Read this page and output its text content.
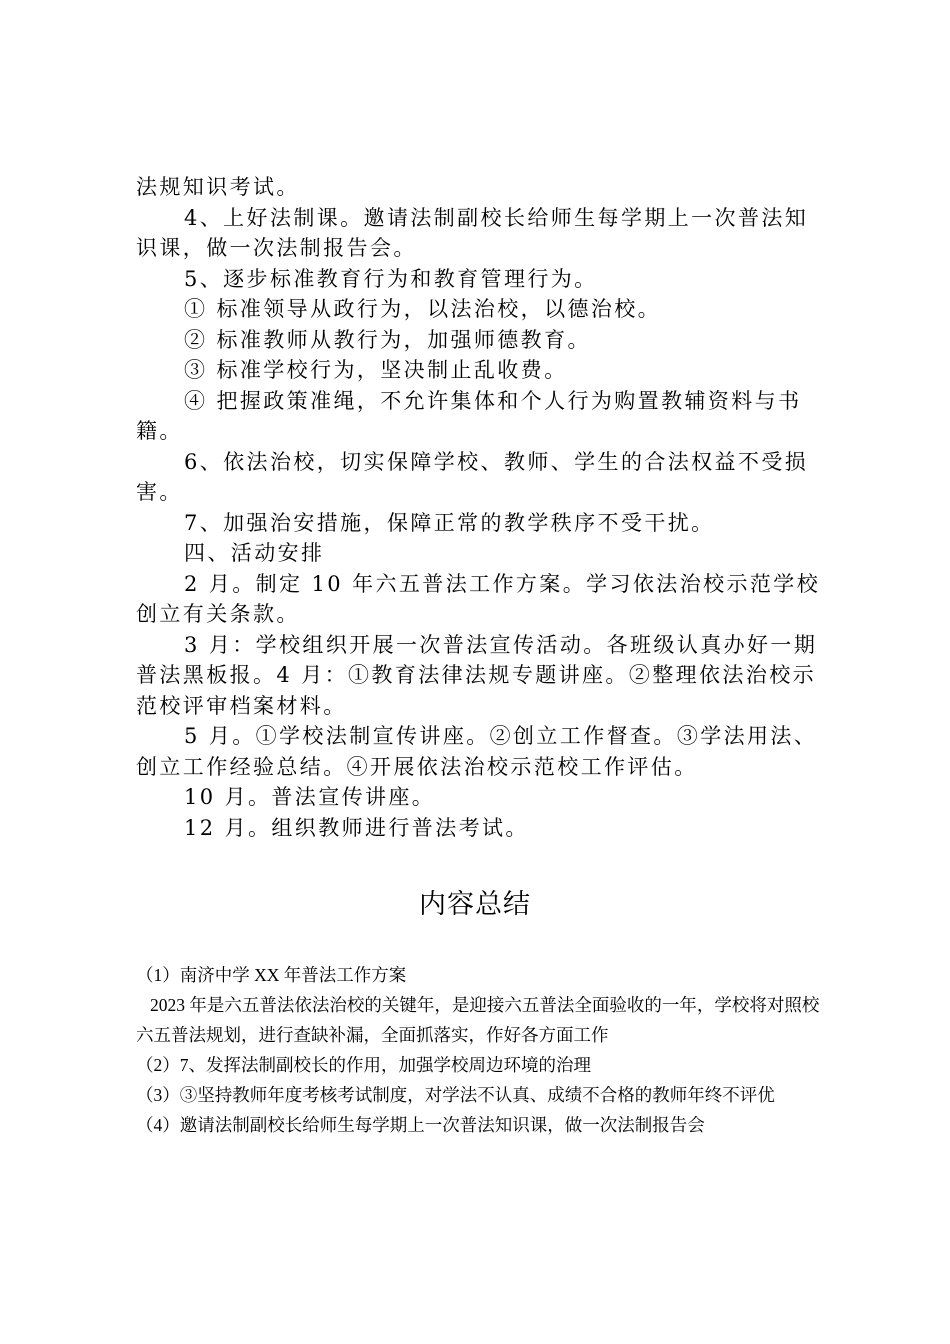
法规知识考试。

4、上好法制课。邀请法制副校长给师生每学期上一次普法知识课，做一次法制报告会。

5、逐步标准教育行为和教育管理行为。

① 标准领导从政行为，以法治校，以德治校。

② 标准教师从教行为，加强师德教育。

③ 标准学校行为，坚决制止乱收费。

④ 把握政策准绳，不允许集体和个人行为购置教辅资料与书籍。

6、依法治校，切实保障学校、教师、学生的合法权益不受损害。

7、加强治安措施，保障正常的教学秩序不受干扰。

四、活动安排

2 月。制定 10 年六五普法工作方案。学习依法治校示范学校创立有关条款。

3 月：学校组织开展一次普法宣传活动。各班级认真办好一期普法黑板报。4 月：①教育法律法规专题讲座。②整理依法治校示范校评审档案材料。

5 月。①学校法制宣传讲座。②创立工作督查。③学法用法、创立工作经验总结。④开展依法治校示范校工作评估。

10 月。普法宣传讲座。

12 月。组织教师进行普法考试。

内容总结

（1）南济中学 XX 年普法工作方案

2023 年是六五普法依法治校的关键年，是迎接六五普法全面验收的一年，学校将对照校六五普法规划，进行查缺补漏，全面抓落实，作好各方面工作

（2）7、发挥法制副校长的作用，加强学校周边环境的治理

（3）③坚持教师年度考核考试制度，对学法不认真、成绩不合格的教师年终不评优

（4）邀请法制副校长给师生每学期上一次普法知识课，做一次法制报告会
